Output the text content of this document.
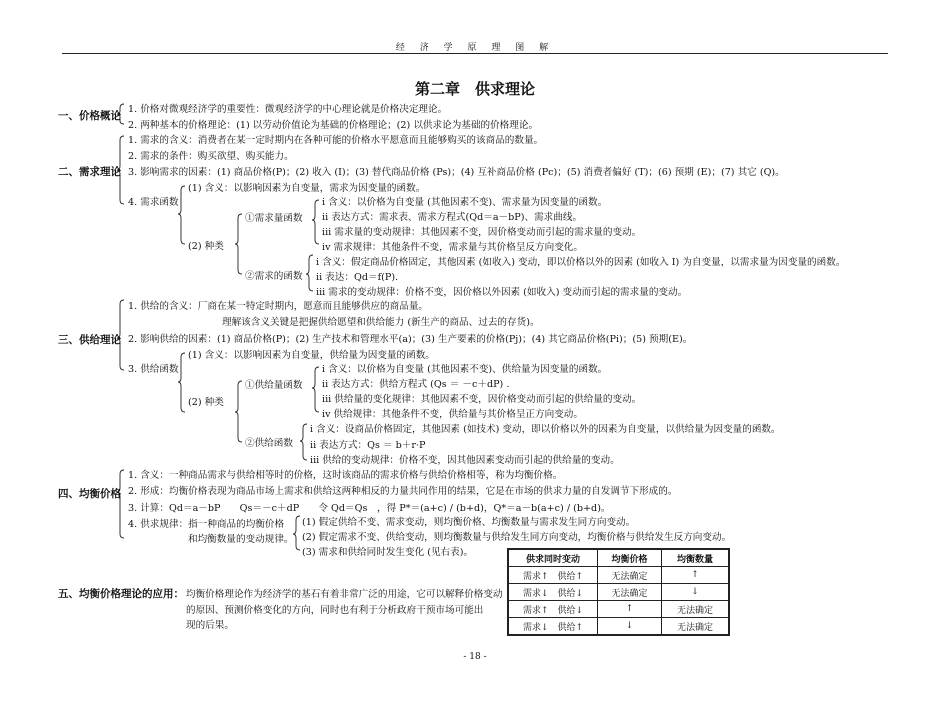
经 济 学 原 理 图 解
第二章　供求理论
一、价格概论
1. 价格对微观经济学的重要性：微观经济学的中心理论就是价格决定理论。
2. 两种基本的价格理论：(1) 以劳动价值论为基础的价格理论；(2) 以供求论为基础的价格理论。
二、需求理论
1. 需求的含义：消费者在某一定时期内在各种可能的价格水平愿意而且能够购买的该商品的数量。
2. 需求的条件：购买欲望、购买能力。
3. 影响需求的因素：(1) 商品价格(P)；(2) 收入 (I)；(3) 替代商品价格 (Ps)；(4) 互补商品价格 (Pc)；(5) 消费者偏好 (T)；(6) 预期 (E)；(7) 其它 (Q)。
4. 需求函数
(1) 含义：以影响因素为自变量，需求为因变量的函数。
(2) 种类
①需求量函数
i 含义：以价格为自变量 (其他因素不变)、需求量为因变量的函数。
ii 表达方式：需求表、需求方程式(Qd＝a－bP)、需求曲线。
iii 需求量的变动规律：其他因素不变，因价格变动而引起的需求量的变动。
iv 需求规律：其他条件不变，需求量与其价格呈反方向变化。
②需求的函数
i 含义：假定商品价格固定，其他因素 (如收入) 变动，即以价格以外的因素 (如收入 I) 为自变量，以需求量为因变量的函数。
ii 表达：Qd＝f(P).
iii 需求的变动规律：价格不变，因价格以外因素 (如收入) 变动而引起的需求量的变动。
三、供给理论
1. 供给的含义：厂商在某一特定时期内，愿意而且能够供应的商品量。
理解该含义关键是把握供给愿望和供给能力 (新生产的商品、过去的存货)。
2. 影响供给的因素：(1) 商品价格(P)；(2) 生产技术和管理水平(a)；(3) 生产要素的价格(Pj)；(4) 其它商品价格(Pi)；(5) 预期(E)。
3. 供给函数
(1) 含义：以影响因素为自变量，供给量为因变量的函数。
(2) 种类
①供给量函数
i 含义：以价格为自变量 (其他因素不变)、供给量为因变量的函数。
ii 表达方式：供给方程式 (Qs ＝ －c＋dP) .
iii 供给量的变化规律：其他因素不变，因价格变动而引起的供给量的变动。
iv 供给规律：其他条件不变，供给量与其价格呈正方向变动。
②供给函数
i 含义：设商品价格固定，其他因素 (如技术) 变动，即以价格以外的因素为自变量，以供给量为因变量的函数。
ii 表达方式：Qs ＝ b＋r·P
iii 供给的变动规律：价格不变，因其他因素变动而引起的供给量的变动。
四、均衡价格
1. 含义：一种商品需求与供给相等时的价格，这时该商品的需求价格与供给价格相等，称为均衡价格。
2. 形成：均衡价格表现为商品市场上需求和供给这两种相反的力量共同作用的结果，它是在市场的供求力量的自发调节下形成的。
3. 计算：Qd＝a－bP　　Qs＝－c＋dP　　令 Qd＝Qs　，得 P*＝(a+c) / (b+d)，Q*＝a－b(a+c) / (b+d)。
4. 供求规律：指一种商品的均衡价格
和均衡数量的变动规律。
(1) 假定供给不变、需求变动，则均衡价格、均衡数量与需求发生同方向变动。
(2) 假定需求不变、供给变动，则均衡数量与供给发生同方向变动，均衡价格与供给发生反方向变动。
(3) 需求和供给同时发生变化 (见右表)。
五、均衡价格理论的应用： 均衡价格理论作为经济学的基石有着非常广泛的用途，它可以解释价格变动
的原因、预测价格变化的方向，同时也有利于分析政府干预市场可能出
现的后果。
供求同时变动	均衡价格	均衡数量
需求↑　供给↑	无法确定	↑
需求↓　供给↓	无法确定	↓
需求↑　供给↓	↑	无法确定
需求↓　供给↑	↓	无法确定
- 18 -
